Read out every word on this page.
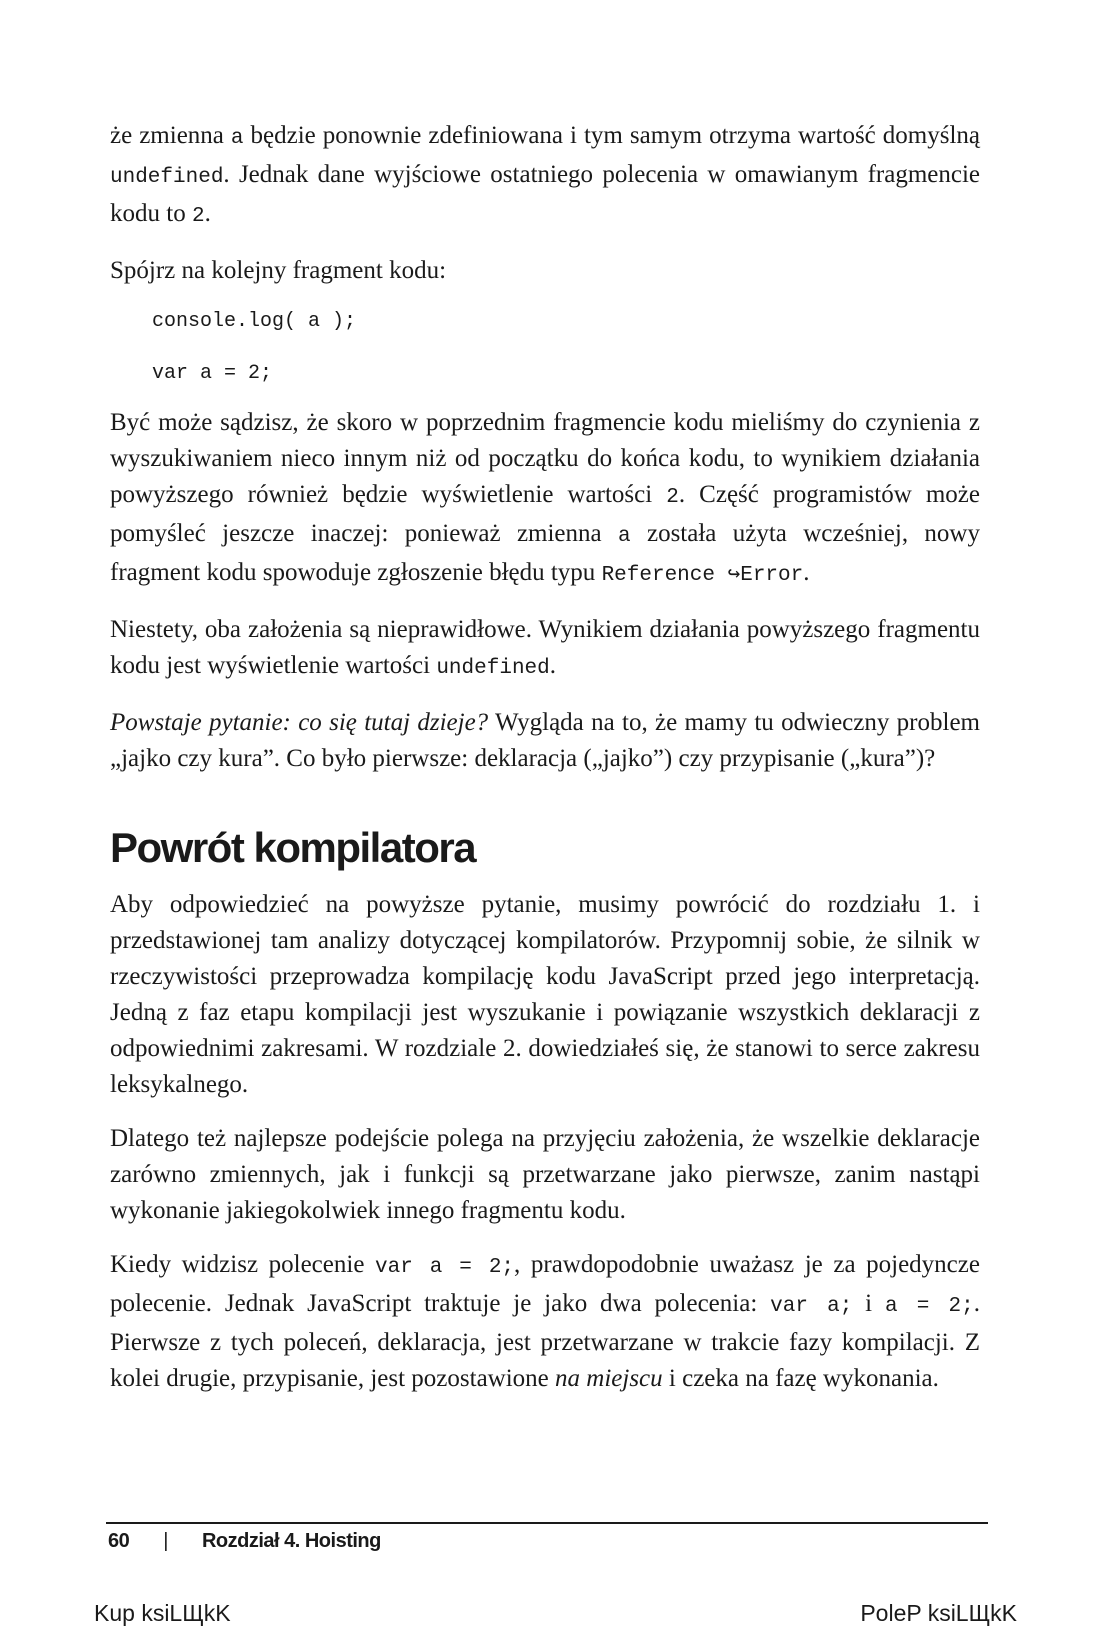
że zmienna a będzie ponownie zdefiniowana i tym samym otrzyma wartość domyślną undefined. Jednak dane wyjściowe ostatniego polecenia w omawianym fragmencie kodu to 2.

Spójrz na kolejny fragment kodu:

console.log( a );
var a = 2;

Być może sądzisz, że skoro w poprzednim fragmencie kodu mieliśmy do czynienia z wyszukiwaniem nieco innym niż od początku do końca kodu, to wynikiem działania powyższego również będzie wyświetlenie wartości 2. Część programistów może pomyśleć jeszcze inaczej: ponieważ zmienna a została użyta wcześniej, nowy fragment kodu spowoduje zgłoszenie błędu typu Reference ↪Error.

Niestety, oba założenia są nieprawidłowe. Wynikiem działania powyższego fragmentu kodu jest wyświetlenie wartości undefined.

Powstaje pytanie: co się tutaj dzieje? Wygląda na to, że mamy tu odwieczny problem „jajko czy kura”. Co było pierwsze: deklaracja („jajko”) czy przypisanie („kura”)?

Powrót kompilatora

Aby odpowiedzieć na powyższe pytanie, musimy powrócić do rozdziału 1. i przedstawionej tam analizy dotyczącej kompilatorów. Przypomnij sobie, że silnik w rzeczywistości przeprowadza kompilację kodu JavaScript przed jego interpretacją. Jedną z faz etapu kompilacji jest wyszukanie i powiązanie wszystkich deklaracji z odpowiednimi zakresami. W rozdziale 2. dowiedziałeś się, że stanowi to serce zakresu leksykalnego.

Dlatego też najlepsze podejście polega na przyjęciu założenia, że wszelkie deklaracje zarówno zmiennych, jak i funkcji są przetwarzane jako pierwsze, zanim nastąpi wykonanie jakiegokolwiek innego fragmentu kodu.

Kiedy widzisz polecenie var a = 2;, prawdopodobnie uważasz je za pojedyncze polecenie. Jednak JavaScript traktuje je jako dwa polecenia: var a; i a = 2;. Pierwsze z tych poleceń, deklaracja, jest przetwarzane w trakcie fazy kompilacji. Z kolei drugie, przypisanie, jest pozostawione na miejscu i czeka na fazę wykonania.

60 | Rozdział 4. Hoisting
Kup ksiLЩkK	PoleP ksiLЩkK
